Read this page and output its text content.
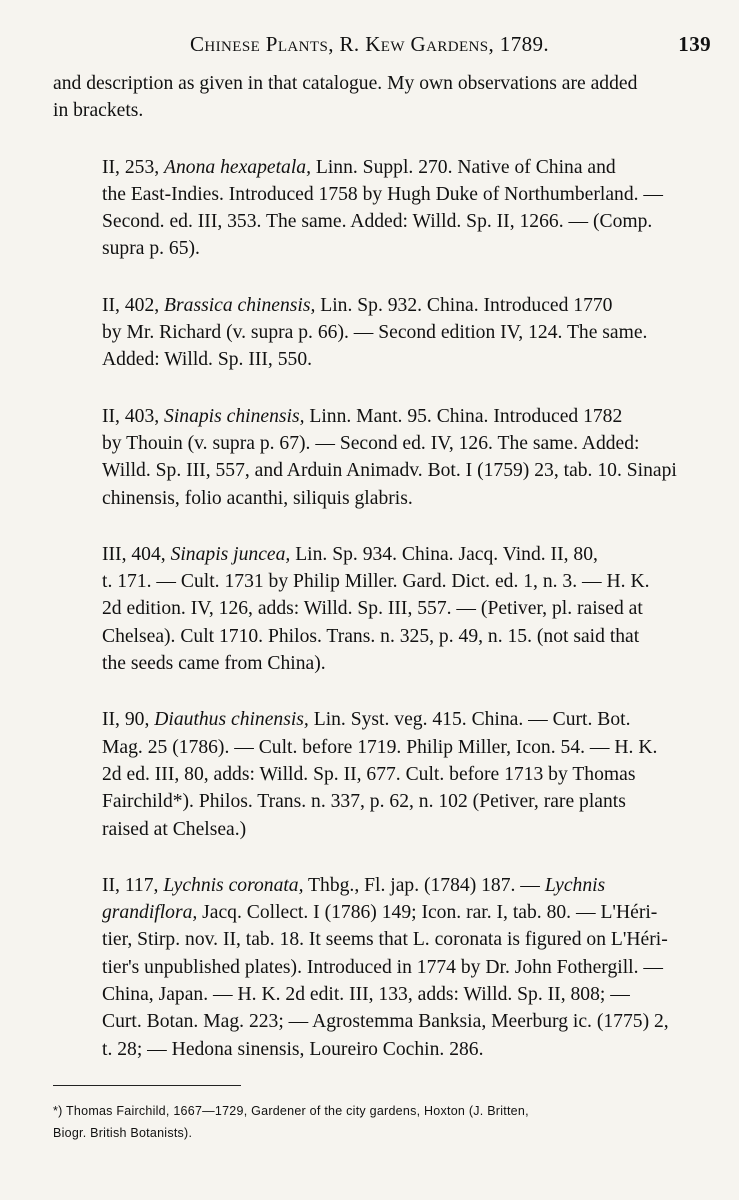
Chinese Plants, R. Kew Gardens, 1789.	139

and description as given in that catalogue. My own observations are added
in brackets.

II, 253, Anona hexapetala, Linn. Suppl. 270. Native of China and
the East-Indies. Introduced 1758 by Hugh Duke of Northumberland. —
Second. ed. III, 353. The same. Added: Willd. Sp. II, 1266. — (Comp.
supra p. 65).

II, 402, Brassica chinensis, Lin. Sp. 932. China. Introduced 1770
by Mr. Richard (v. supra p. 66). — Second edition IV, 124. The same.
Added: Willd. Sp. III, 550.

II, 403, Sinapis chinensis, Linn. Mant. 95. China. Introduced 1782
by Thouin (v. supra p. 67). — Second ed. IV, 126. The same. Added:
Willd. Sp. III, 557, and Arduin Animadv. Bot. I (1759) 23, tab. 10. Sinapi
chinensis, folio acanthi, siliquis glabris.

III, 404, Sinapis juncea, Lin. Sp. 934. China. Jacq. Vind. II, 80,
t. 171. — Cult. 1731 by Philip Miller. Gard. Dict. ed. 1, n. 3. — H. K.
2d edition. IV, 126, adds: Willd. Sp. III, 557. — (Petiver, pl. raised at
Chelsea). Cult 1710. Philos. Trans. n. 325, p. 49, n. 15. (not said that
the seeds came from China).

II, 90, Diauthus chinensis, Lin. Syst. veg. 415. China. — Curt. Bot.
Mag. 25 (1786). — Cult. before 1719. Philip Miller, Icon. 54. — H. K.
2d ed. III, 80, adds: Willd. Sp. II, 677. Cult. before 1713 by Thomas
Fairchild*). Philos. Trans. n. 337, p. 62, n. 102 (Petiver, rare plants
raised at Chelsea.)

II, 117, Lychnis coronata, Thbg., Fl. jap. (1784) 187. — Lychnis
grandiflora, Jacq. Collect. I (1786) 149; Icon. rar. I, tab. 80. — L'Héri-
tier, Stirp. nov. II, tab. 18. It seems that L. coronata is figured on L'Héri-
tier's unpublished plates). Introduced in 1774 by Dr. John Fothergill. —
China, Japan. — H. K. 2d edit. III, 133, adds: Willd. Sp. II, 808; —
Curt. Botan. Mag. 223; — Agrostemma Banksia, Meerburg ic. (1775) 2,
t. 28; — Hedona sinensis, Loureiro Cochin. 286.

*) Thomas Fairchild, 1667—1729, Gardener of the city gardens, Hoxton (J. Britten,
Biogr. British Botanists).
